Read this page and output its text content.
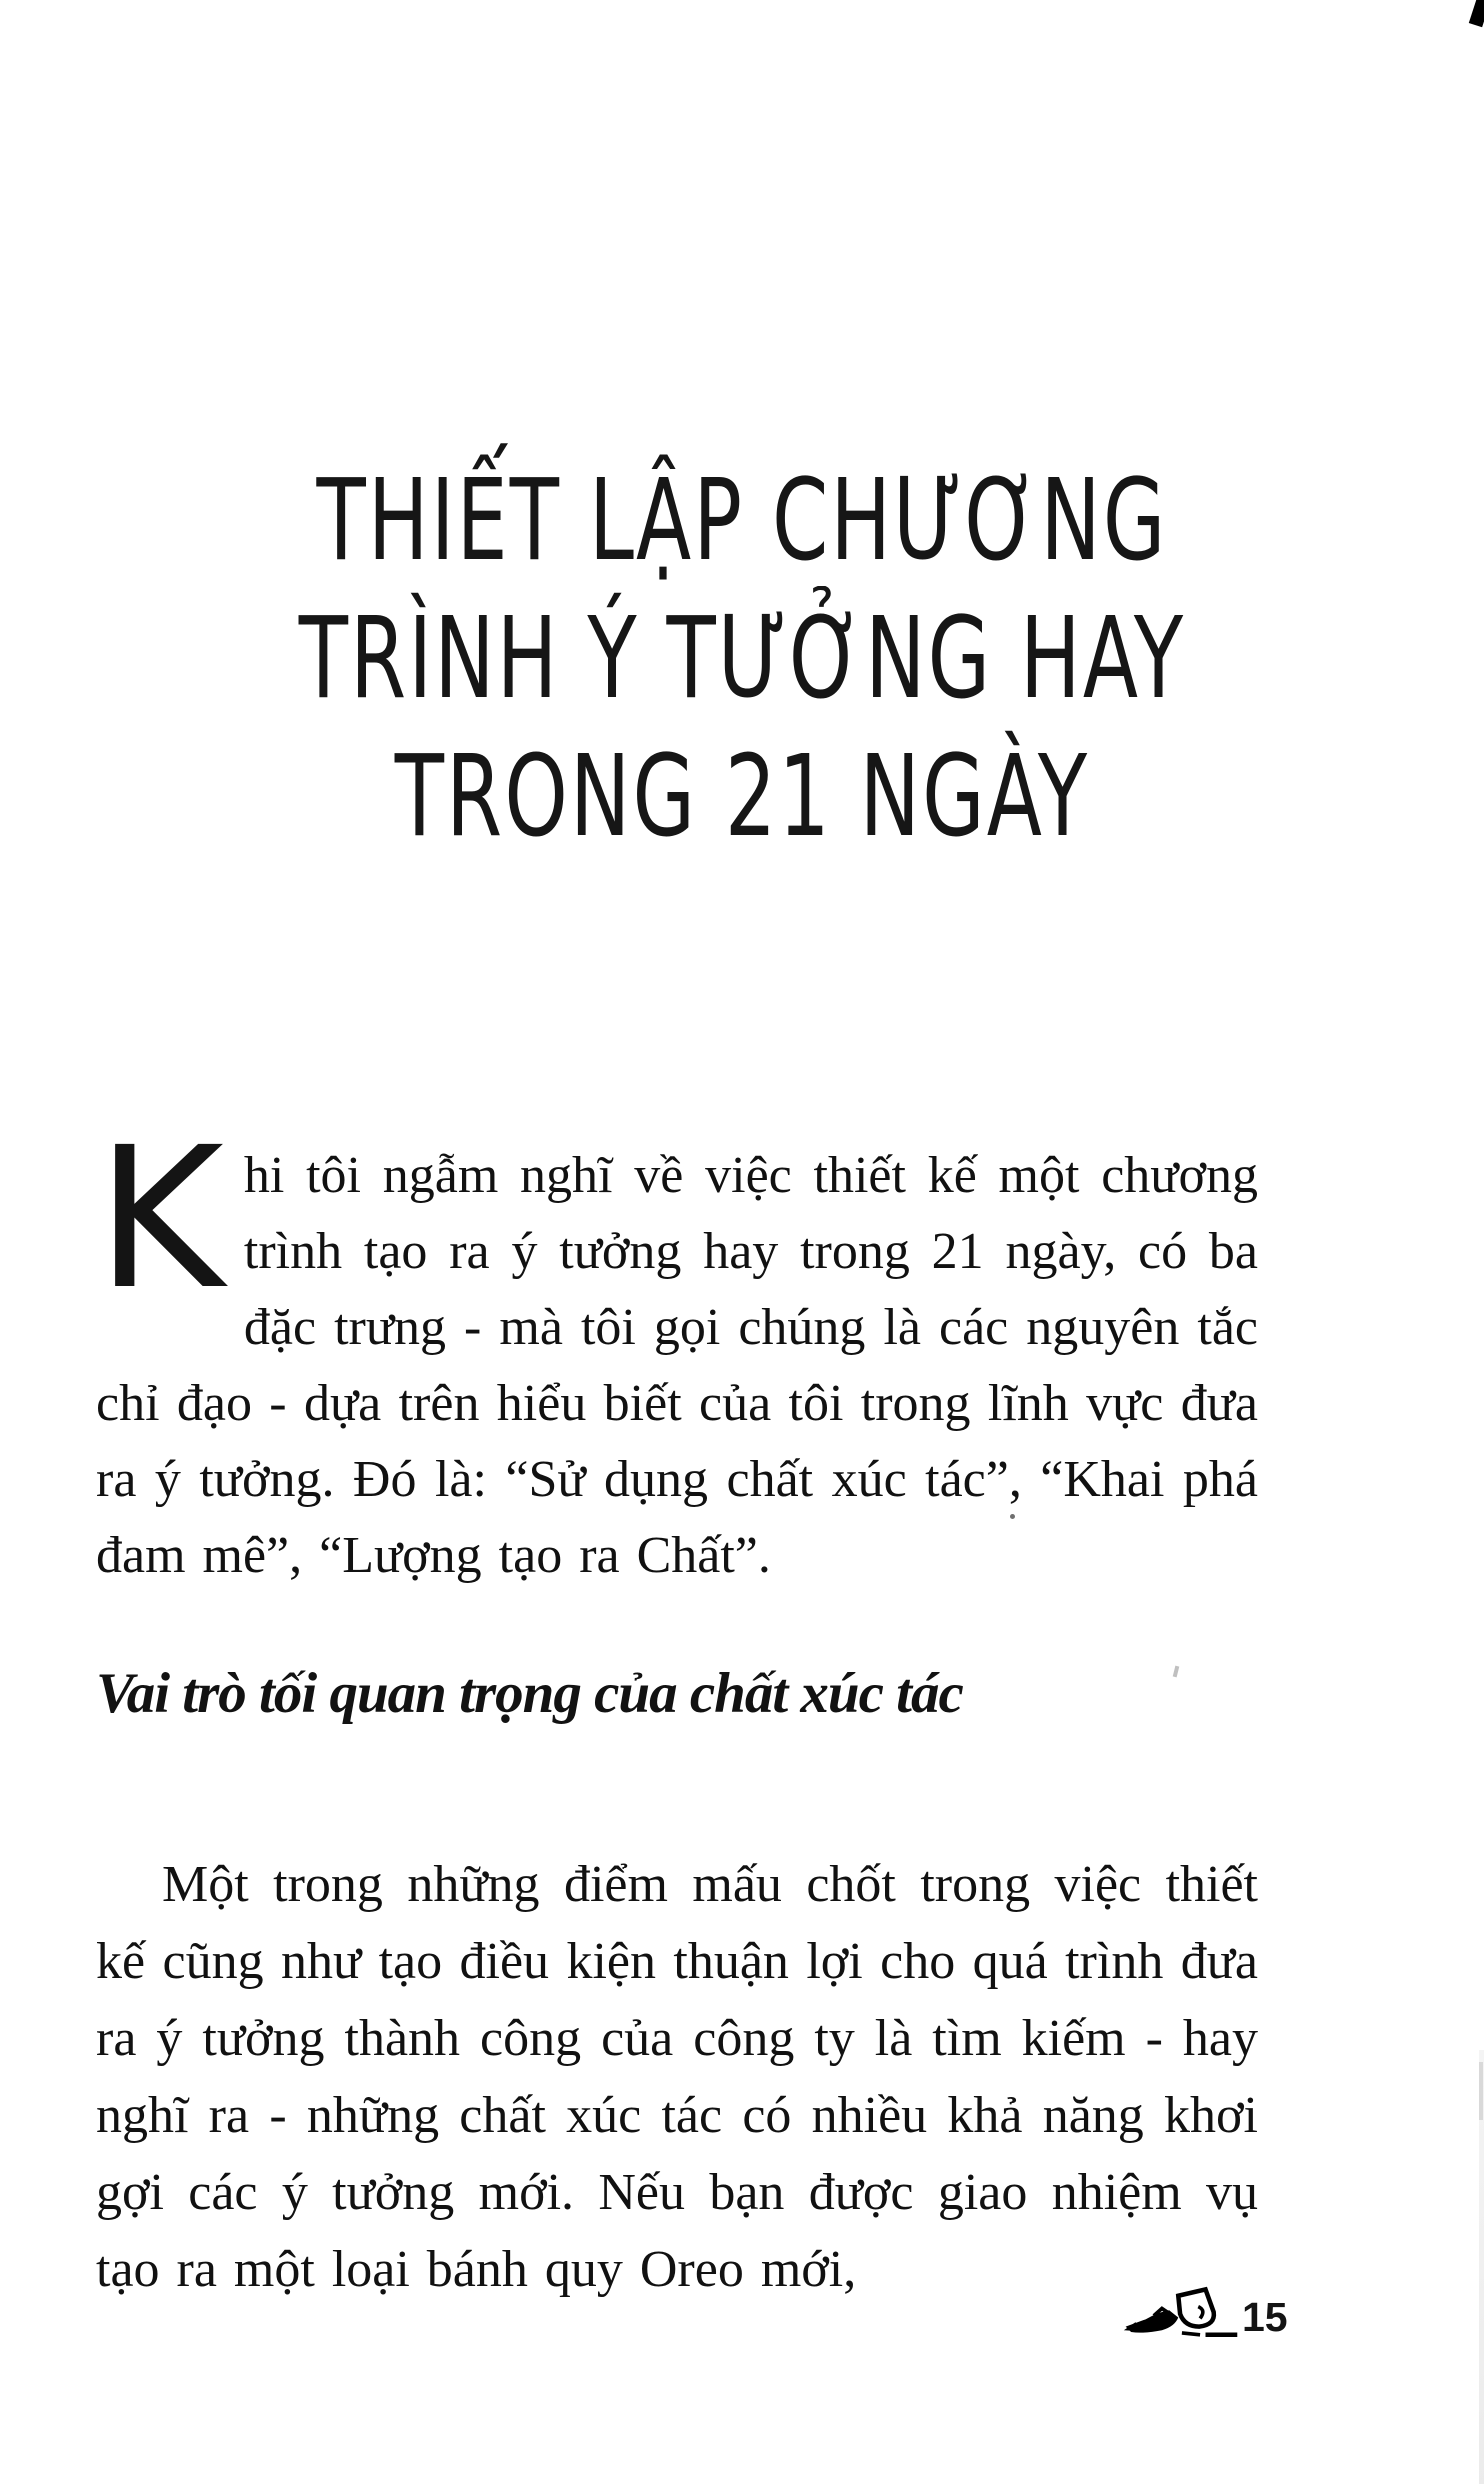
THIẾT LẬP CHƯƠNG
TRÌNH Ý TƯỞNG HAY
TRONG 21 NGÀY

Khi tôi ngẫm nghĩ về việc thiết kế một chương trình tạo ra ý tưởng hay trong 21 ngày, có ba đặc trưng - mà tôi gọi chúng là các nguyên tắc chỉ đạo - dựa trên hiểu biết của tôi trong lĩnh vực đưa ra ý tưởng. Đó là: “Sử dụng chất xúc tác”, “Khai phá đam mê”, “Lượng tạo ra Chất”.

Vai trò tối quan trọng của chất xúc tác

Một trong những điểm mấu chốt trong việc thiết kế cũng như tạo điều kiện thuận lợi cho quá trình đưa ra ý tưởng thành công của công ty là tìm kiếm - hay nghĩ ra - những chất xúc tác có nhiều khả năng khơi gợi các ý tưởng mới. Nếu bạn được giao nhiệm vụ tạo ra một loại bánh quy Oreo mới,

15
